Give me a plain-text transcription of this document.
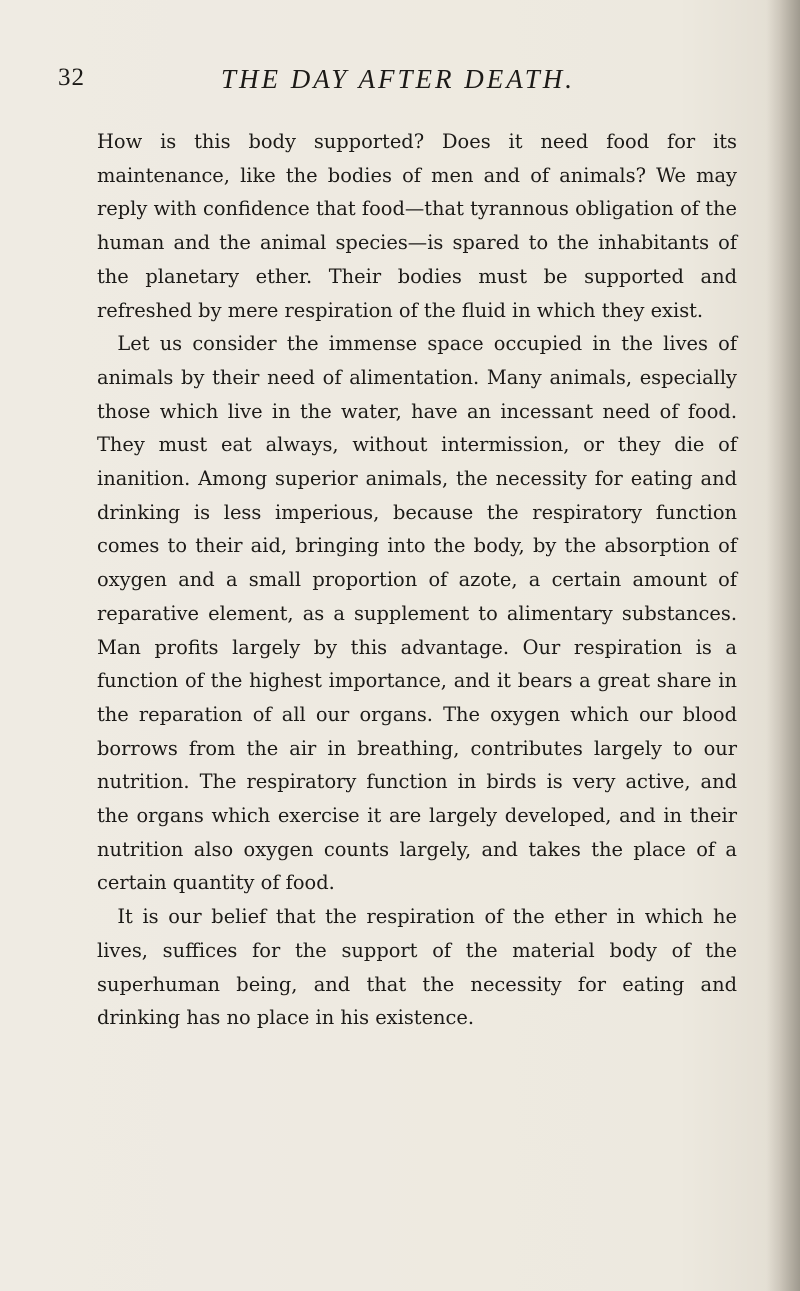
32	THE DAY AFTER DEATH.

How is this body supported? Does it need food for its maintenance, like the bodies of men and of animals? We may reply with confidence that food—that tyrannous obligation of the human and the animal species—is spared to the inhabitants of the planetary ether. Their bodies must be supported and refreshed by mere respiration of the fluid in which they exist.

Let us consider the immense space occupied in the lives of animals by their need of alimentation. Many animals, especially those which live in the water, have an incessant need of food. They must eat always, without intermission, or they die of inanition. Among superior animals, the necessity for eating and drinking is less imperious, because the respiratory function comes to their aid, bringing into the body, by the absorption of oxygen and a small proportion of azote, a certain amount of reparative element, as a supplement to alimentary substances. Man profits largely by this advantage. Our respiration is a function of the highest importance, and it bears a great share in the reparation of all our organs. The oxygen which our blood borrows from the air in breathing, contributes largely to our nutrition. The respiratory function in birds is very active, and the organs which exercise it are largely developed, and in their nutrition also oxygen counts largely, and takes the place of a certain quantity of food.

It is our belief that the respiration of the ether in which he lives, suffices for the support of the material body of the superhuman being, and that the necessity for eating and drinking has no place in his existence.
